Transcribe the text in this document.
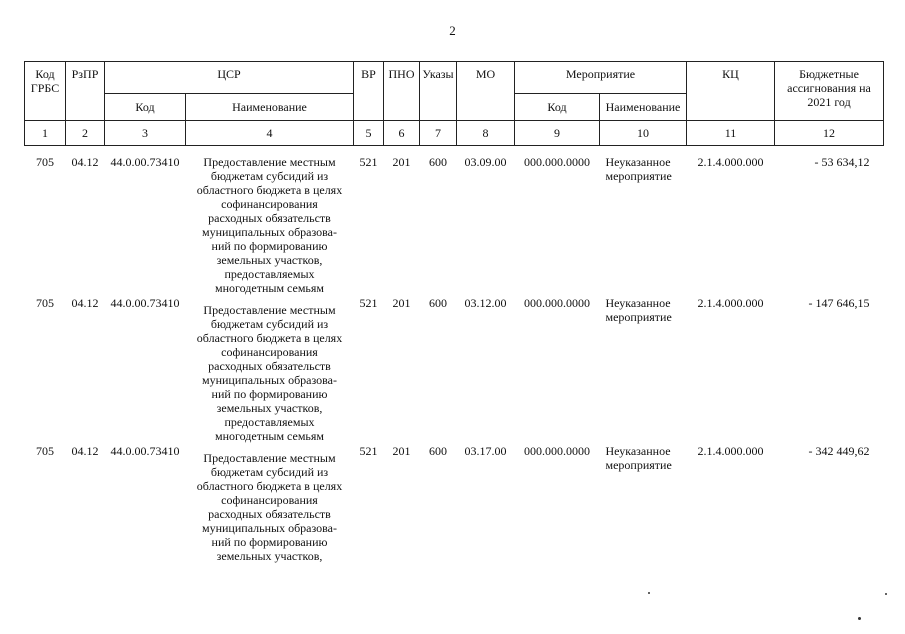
2
Код ГРБС	РзПР	ЦСР		ВР	ПНО	Указы	МО	Мероприятие		КЦ	Бюджетные ассигнования на 2021 год
		Код	Наименование					Код	Наименование		
1	2	3	4	5	6	7	8	9	10	11	12
705	04.12	44.0.00.73410	Предоставление местным бюджетам субсидий из областного бюджета в целях софинансирования расходных обязательств муниципальных образова-ний по формированию земельных участков, предоставляемых многодетным семьям	521	201	600	03.09.00	000.000.0000	Неуказанное мероприятие	2.1.4.000.000	- 53 634,12
705	04.12	44.0.00.73410	Предоставление местным бюджетам субсидий из областного бюджета в целях софинансирования расходных обязательств муниципальных образова-ний по формированию земельных участков, предоставляемых многодетным семьям	521	201	600	03.12.00	000.000.0000	Неуказанное мероприятие	2.1.4.000.000	- 147 646,15
705	04.12	44.0.00.73410	Предоставление местным бюджетам субсидий из областного бюджета в целях софинансирования расходных обязательств муниципальных образова-ний по формированию земельных участков,	521	201	600	03.17.00	000.000.0000	Неуказанное мероприятие	2.1.4.000.000	- 342 449,62
